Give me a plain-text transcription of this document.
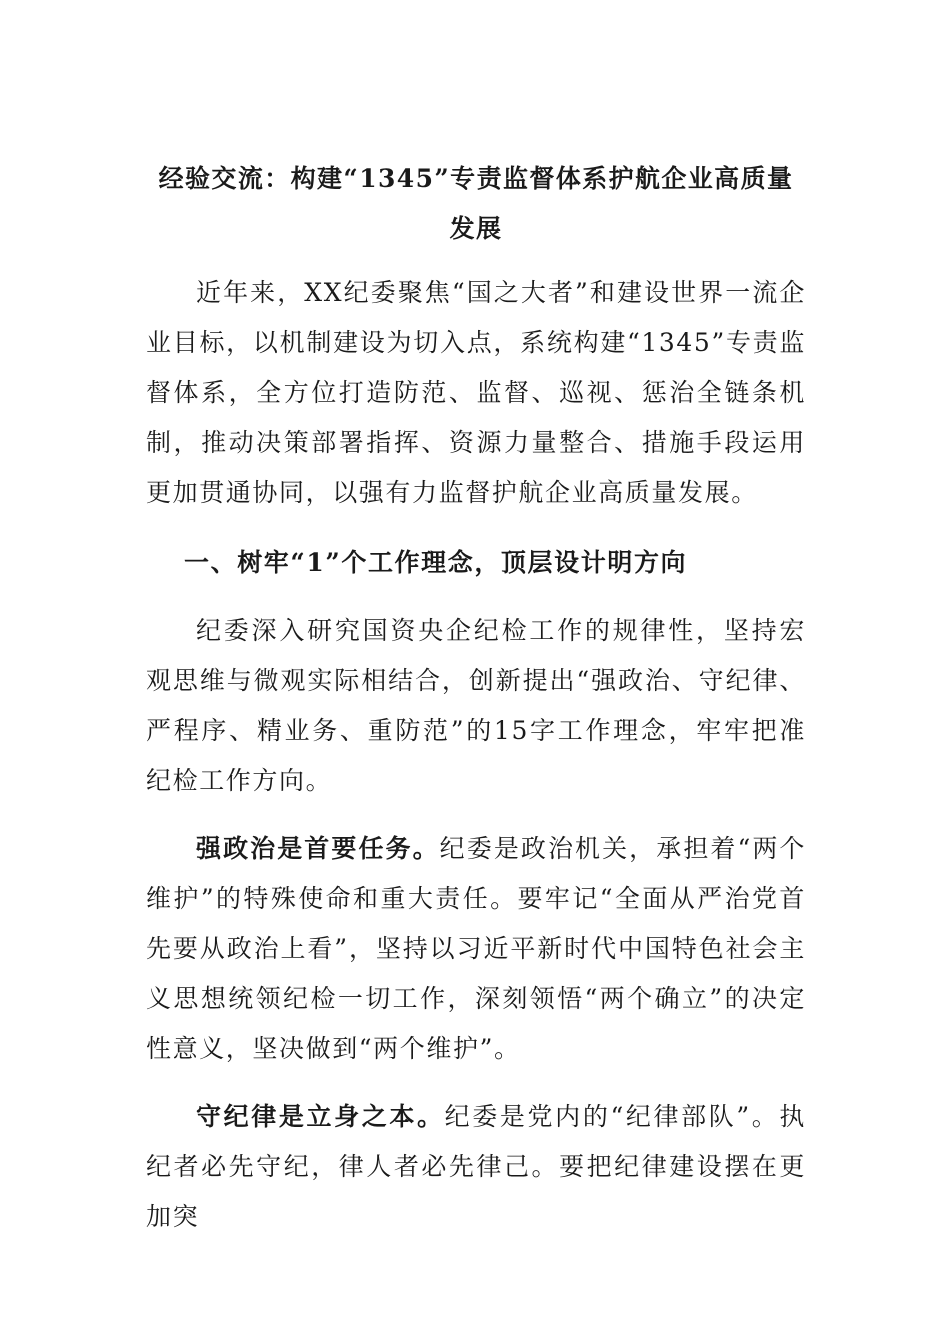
经验交流：构建“1345”专责监督体系护航企业高质量发展

近年来，XX纪委聚焦“国之大者”和建设世界一流企业目标，以机制建设为切入点，系统构建“1345”专责监督体系，全方位打造防范、监督、巡视、惩治全链条机制，推动决策部署指挥、资源力量整合、措施手段运用更加贯通协同，以强有力监督护航企业高质量发展。

一、树牢“1”个工作理念，顶层设计明方向

纪委深入研究国资央企纪检工作的规律性，坚持宏观思维与微观实际相结合，创新提出“强政治、守纪律、严程序、精业务、重防范”的15字工作理念，牢牢把准纪检工作方向。

强政治是首要任务。纪委是政治机关，承担着“两个维护”的特殊使命和重大责任。要牢记“全面从严治党首先要从政治上看”，坚持以习近平新时代中国特色社会主义思想统领纪检一切工作，深刻领悟“两个确立”的决定性意义，坚决做到“两个维护”。

守纪律是立身之本。纪委是党内的“纪律部队”。执纪者必先守纪，律人者必先律己。要把纪律建设摆在更加突
